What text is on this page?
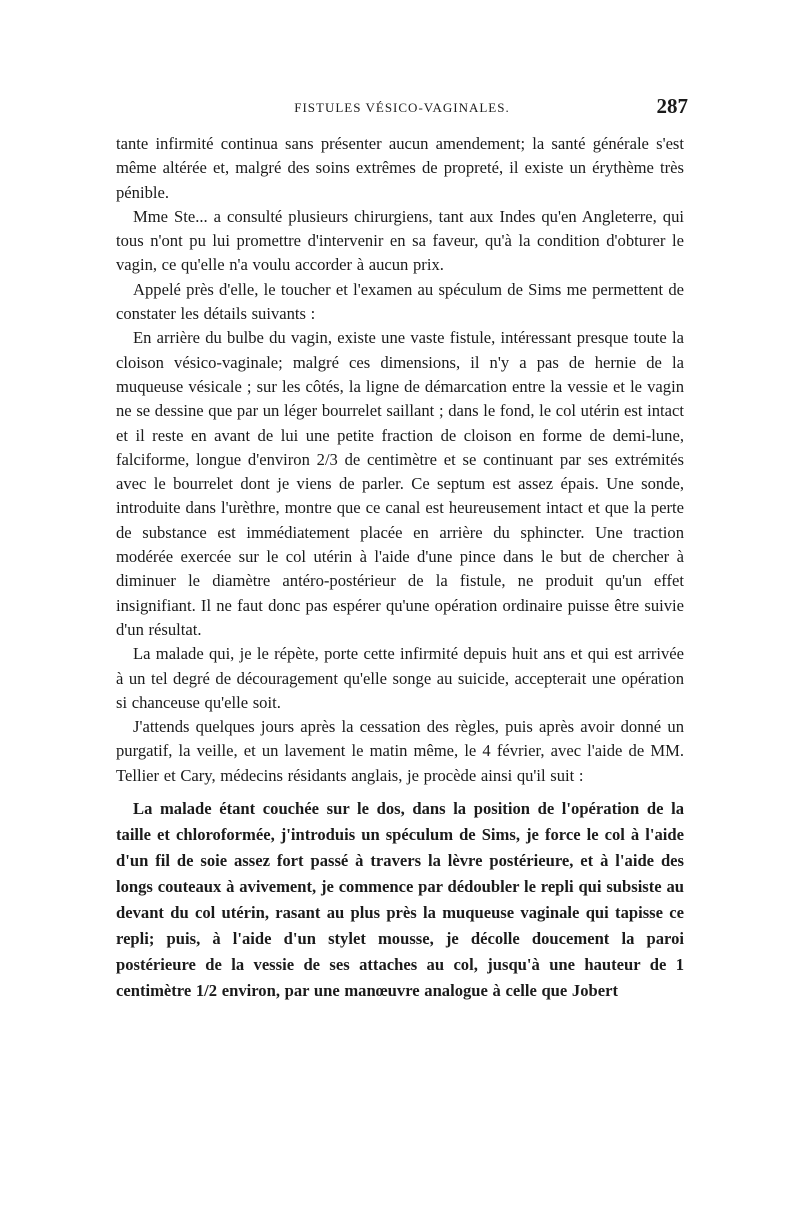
FISTULES VÉSICO-VAGINALES.	287

tante infirmité continua sans présenter aucun amendement; la santé générale s'est même altérée et, malgré des soins extrêmes de propreté, il existe un érythème très pénible.

Mme Ste... a consulté plusieurs chirurgiens, tant aux Indes qu'en Angleterre, qui tous n'ont pu lui promettre d'intervenir en sa faveur, qu'à la condition d'obturer le vagin, ce qu'elle n'a voulu accorder à aucun prix.

Appelé près d'elle, le toucher et l'examen au spéculum de Sims me permettent de constater les détails suivants :

En arrière du bulbe du vagin, existe une vaste fistule, intéressant presque toute la cloison vésico-vaginale; malgré ces dimensions, il n'y a pas de hernie de la muqueuse vésicale ; sur les côtés, la ligne de démarcation entre la vessie et le vagin ne se dessine que par un léger bourrelet saillant ; dans le fond, le col utérin est intact et il reste en avant de lui une petite fraction de cloison en forme de demi-lune, falciforme, longue d'environ 2/3 de centimètre et se continuant par ses extrémités avec le bourrelet dont je viens de parler. Ce septum est assez épais. Une sonde, introduite dans l'urèthre, montre que ce canal est heureusement intact et que la perte de substance est immédiatement placée en arrière du sphincter. Une traction modérée exercée sur le col utérin à l'aide d'une pince dans le but de chercher à diminuer le diamètre antéro-postérieur de la fistule, ne produit qu'un effet insignifiant. Il ne faut donc pas espérer qu'une opération ordinaire puisse être suivie d'un résultat.

La malade qui, je le répète, porte cette infirmité depuis huit ans et qui est arrivée à un tel degré de découragement qu'elle songe au suicide, accepterait une opération si chanceuse qu'elle soit.

J'attends quelques jours après la cessation des règles, puis après avoir donné un purgatif, la veille, et un lavement le matin même, le 4 février, avec l'aide de MM. Tellier et Cary, médecins résidants anglais, je procède ainsi qu'il suit :

La malade étant couchée sur le dos, dans la position de l'opération de la taille et chloroformée, j'introduis un spéculum de Sims, je force le col à l'aide d'un fil de soie assez fort passé à travers la lèvre postérieure, et à l'aide des longs couteaux à avivement, je commence par dédoubler le repli qui subsiste au devant du col utérin, rasant au plus près la muqueuse vaginale qui tapisse ce repli; puis, à l'aide d'un stylet mousse, je décolle doucement la paroi postérieure de la vessie de ses attaches au col, jusqu'à une hauteur de 1 centimètre 1/2 environ, par une manœuvre analogue à celle que Jobert
